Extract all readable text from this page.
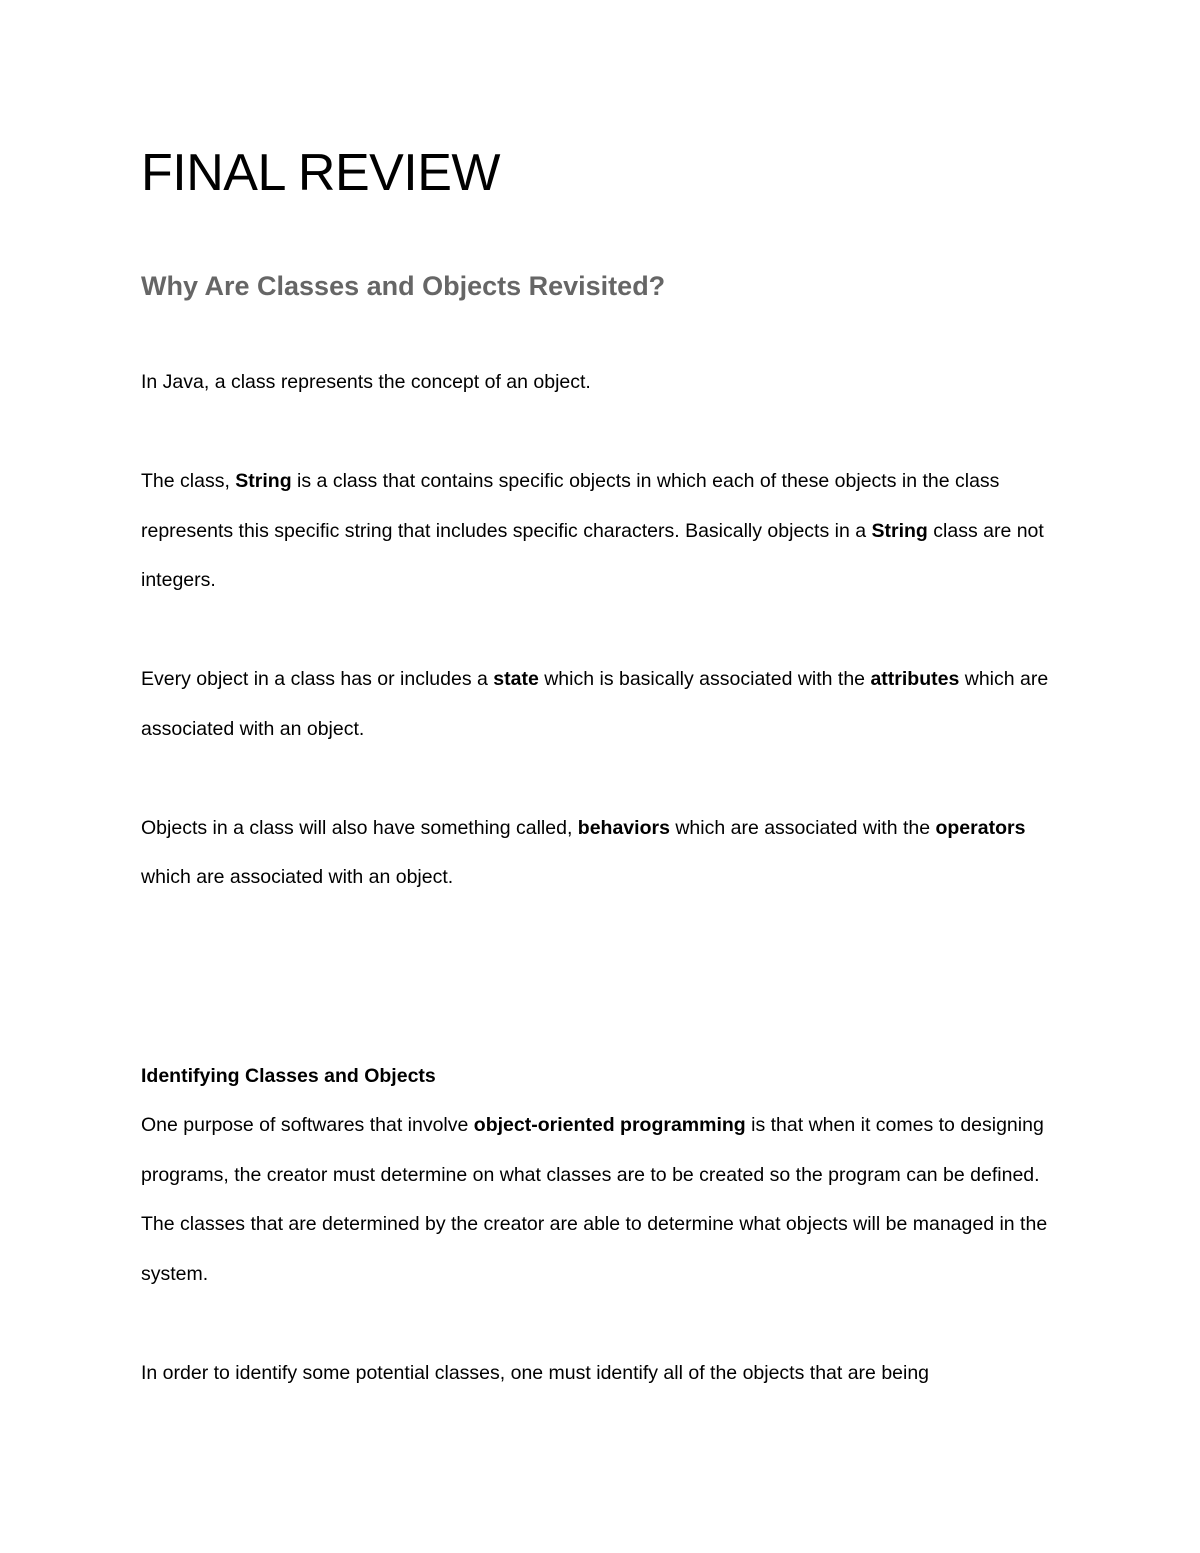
FINAL REVIEW
Why Are Classes and Objects Revisited?

In Java, a class represents the concept of an object.

The class, String is a class that contains specific objects in which each of these objects in the class represents this specific string that includes specific characters. Basically objects in a String class are not integers.

Every object in a class has or includes a state which is basically associated with the attributes which are associated with an object.

Objects in a class will also have something called, behaviors which are associated with the operators which are associated with an object.

Identifying Classes and Objects

One purpose of softwares that involve object-oriented programming is that when it comes to designing programs, the creator must determine on what classes are to be created so the program can be defined. The classes that are determined by the creator are able to determine what objects will be managed in the system.

In order to identify some potential classes, one must identify all of the objects that are being
